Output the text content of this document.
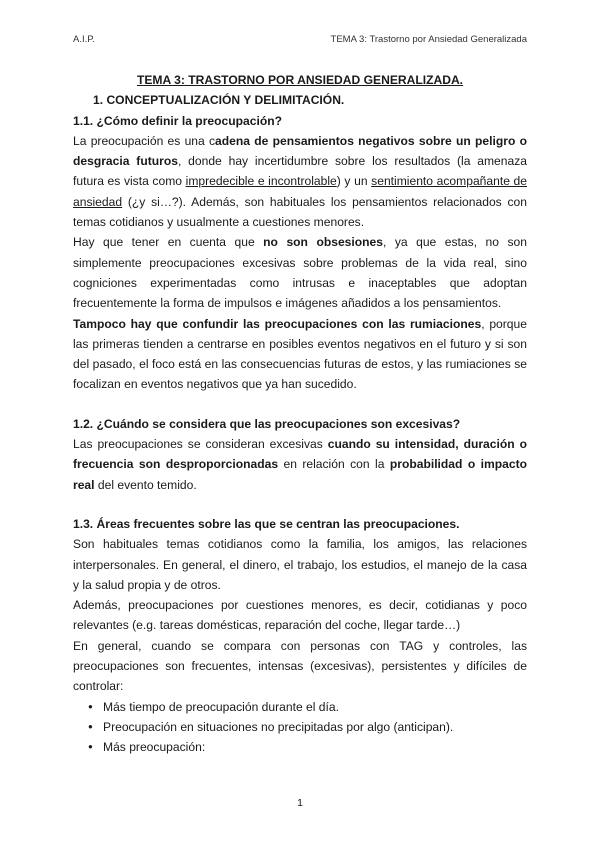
A.I.P.	TEMA 3: Trastorno por Ansiedad Generalizada

TEMA 3: TRASTORNO POR ANSIEDAD GENERALIZADA.

1. CONCEPTUALIZACIÓN Y DELIMITACIÓN.

1.1. ¿Cómo definir la preocupación?

La preocupación es una cadena de pensamientos negativos sobre un peligro o desgracia futuros, donde hay incertidumbre sobre los resultados (la amenaza futura es vista como impredecible e incontrolable) y un sentimiento acompañante de ansiedad (¿y si…?). Además, son habituales los pensamientos relacionados con temas cotidianos y usualmente a cuestiones menores.

Hay que tener en cuenta que no son obsesiones, ya que estas, no son simplemente preocupaciones excesivas sobre problemas de la vida real, sino cogniciones experimentadas como intrusas e inaceptables que adoptan frecuentemente la forma de impulsos e imágenes añadidos a los pensamientos.

Tampoco hay que confundir las preocupaciones con las rumiaciones, porque las primeras tienden a centrarse en posibles eventos negativos en el futuro y si son del pasado, el foco está en las consecuencias futuras de estos, y las rumiaciones se focalizan en eventos negativos que ya han sucedido.

1.2. ¿Cuándo se considera que las preocupaciones son excesivas?

Las preocupaciones se consideran excesivas cuando su intensidad, duración o frecuencia son desproporcionadas en relación con la probabilidad o impacto real del evento temido.

1.3. Áreas frecuentes sobre las que se centran las preocupaciones.

Son habituales temas cotidianos como la familia, los amigos, las relaciones interpersonales. En general, el dinero, el trabajo, los estudios, el manejo de la casa y la salud propia y de otros.

Además, preocupaciones por cuestiones menores, es decir, cotidianas y poco relevantes (e.g. tareas domésticas, reparación del coche, llegar tarde…)

En general, cuando se compara con personas con TAG y controles, las preocupaciones son frecuentes, intensas (excesivas), persistentes y difíciles de controlar:

● Más tiempo de preocupación durante el día.
● Preocupación en situaciones no precipitadas por algo (anticipan).
● Más preocupación:
1
